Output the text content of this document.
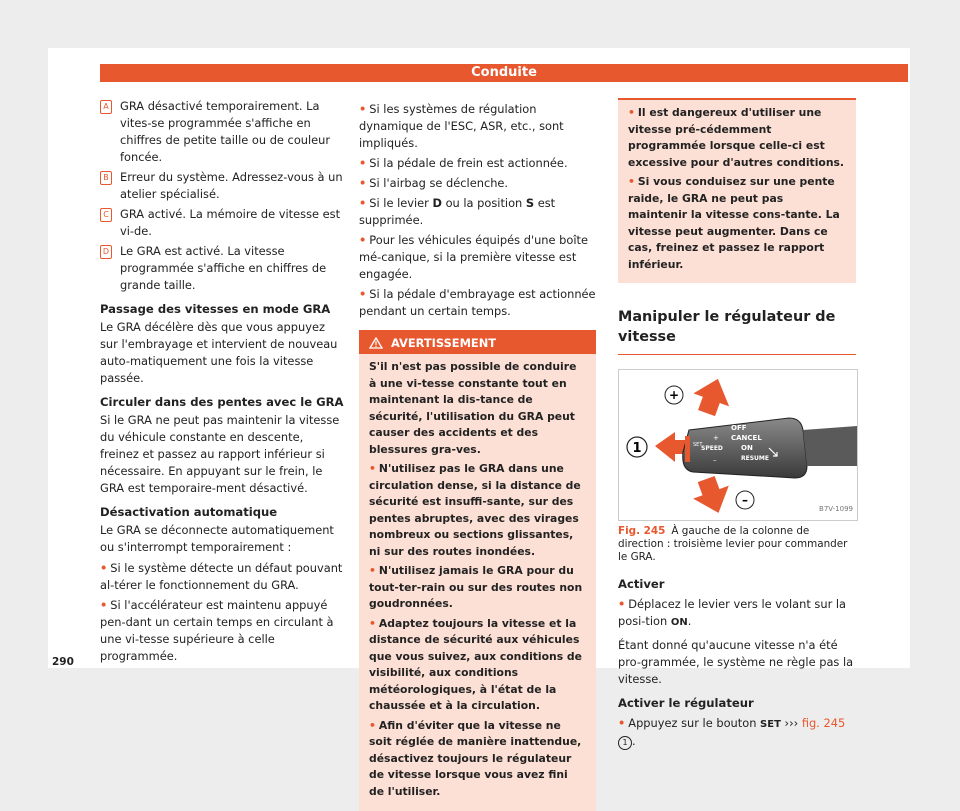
Conduite
A GRA désactivé temporairement. La vites-se programmée s'affiche en chiffres de petite taille ou de couleur foncée.
B Erreur du système. Adressez-vous à un atelier spécialisé.
C GRA activé. La mémoire de vitesse est vi-de.
D Le GRA est activé. La vitesse programmée s'affiche en chiffres de grande taille.
Passage des vitesses en mode GRA

Le GRA décélère dès que vous appuyez sur l'embrayage et intervient de nouveau auto-matiquement une fois la vitesse passée.

Circuler dans des pentes avec le GRA

Si le GRA ne peut pas maintenir la vitesse du véhicule constante en descente, freinez et passez au rapport inférieur si nécessaire. En appuyant sur le frein, le GRA est temporaire-ment désactivé.

Désactivation automatique

Le GRA se déconnecte automatiquement ou s'interrompt temporairement :

• Si le système détecte un défaut pouvant al-térer le fonctionnement du GRA.
• Si l'accélérateur est maintenu appuyé pen-dant un certain temps en circulant à une vi-tesse supérieure à celle programmée.
• Si les systèmes de régulation dynamique de l'ESC, ASR, etc., sont impliqués.
• Si la pédale de frein est actionnée.
• Si l'airbag se déclenche.
• Si le levier D ou la position S est supprimée.
• Pour les véhicules équipés d'une boîte mé-canique, si la première vitesse est engagée.
• Si la pédale d'embrayage est actionnée pendant un certain temps.
AVERTISSEMENT

S'il n'est pas possible de conduire à une vi-tesse constante tout en maintenant la dis-tance de sécurité, l'utilisation du GRA peut causer des accidents et des blessures gra-ves.

• N'utilisez pas le GRA dans une circulation dense, si la distance de sécurité est insuffi-sante, sur des pentes abruptes, avec des virages nombreux ou sections glissantes, ni sur des routes inondées.

• N'utilisez jamais le GRA pour du tout-ter-rain ou sur des routes non goudronnées.

• Adaptez toujours la vitesse et la distance de sécurité aux véhicules que vous suivez, aux conditions de visibilité, aux conditions météorologiques, à l'état de la chaussée et à la circulation.

• Afin d'éviter que la vitesse ne soit réglée de manière inattendue, désactivez toujours le régulateur de vitesse lorsque vous avez fini de l'utiliser.

• Il est dangereux d'utiliser une vitesse pré-cédemment programmée lorsque celle-ci est excessive pour d'autres conditions.
• Si vous conduisez sur une pente raide, le GRA ne peut pas maintenir la vitesse cons-tante. La vitesse peut augmenter. Dans ce cas, freinez et passez le rapport inférieur.
Manipuler le régulateur de vitesse
OFF
CANCEL
ON
RESUME
SPEED
SET
+
–
+
–
1
B7V-1099
Fig. 245 À gauche de la colonne de direction : troisième levier pour commander le GRA.
Activer
• Déplacez le levier vers le volant sur la posi-tion ON.

Étant donné qu'aucune vitesse n'a été pro-grammée, le système ne règle pas la vitesse.

Activer le régulateur
• Appuyez sur le bouton SET ››› fig. 245 1 .
290
